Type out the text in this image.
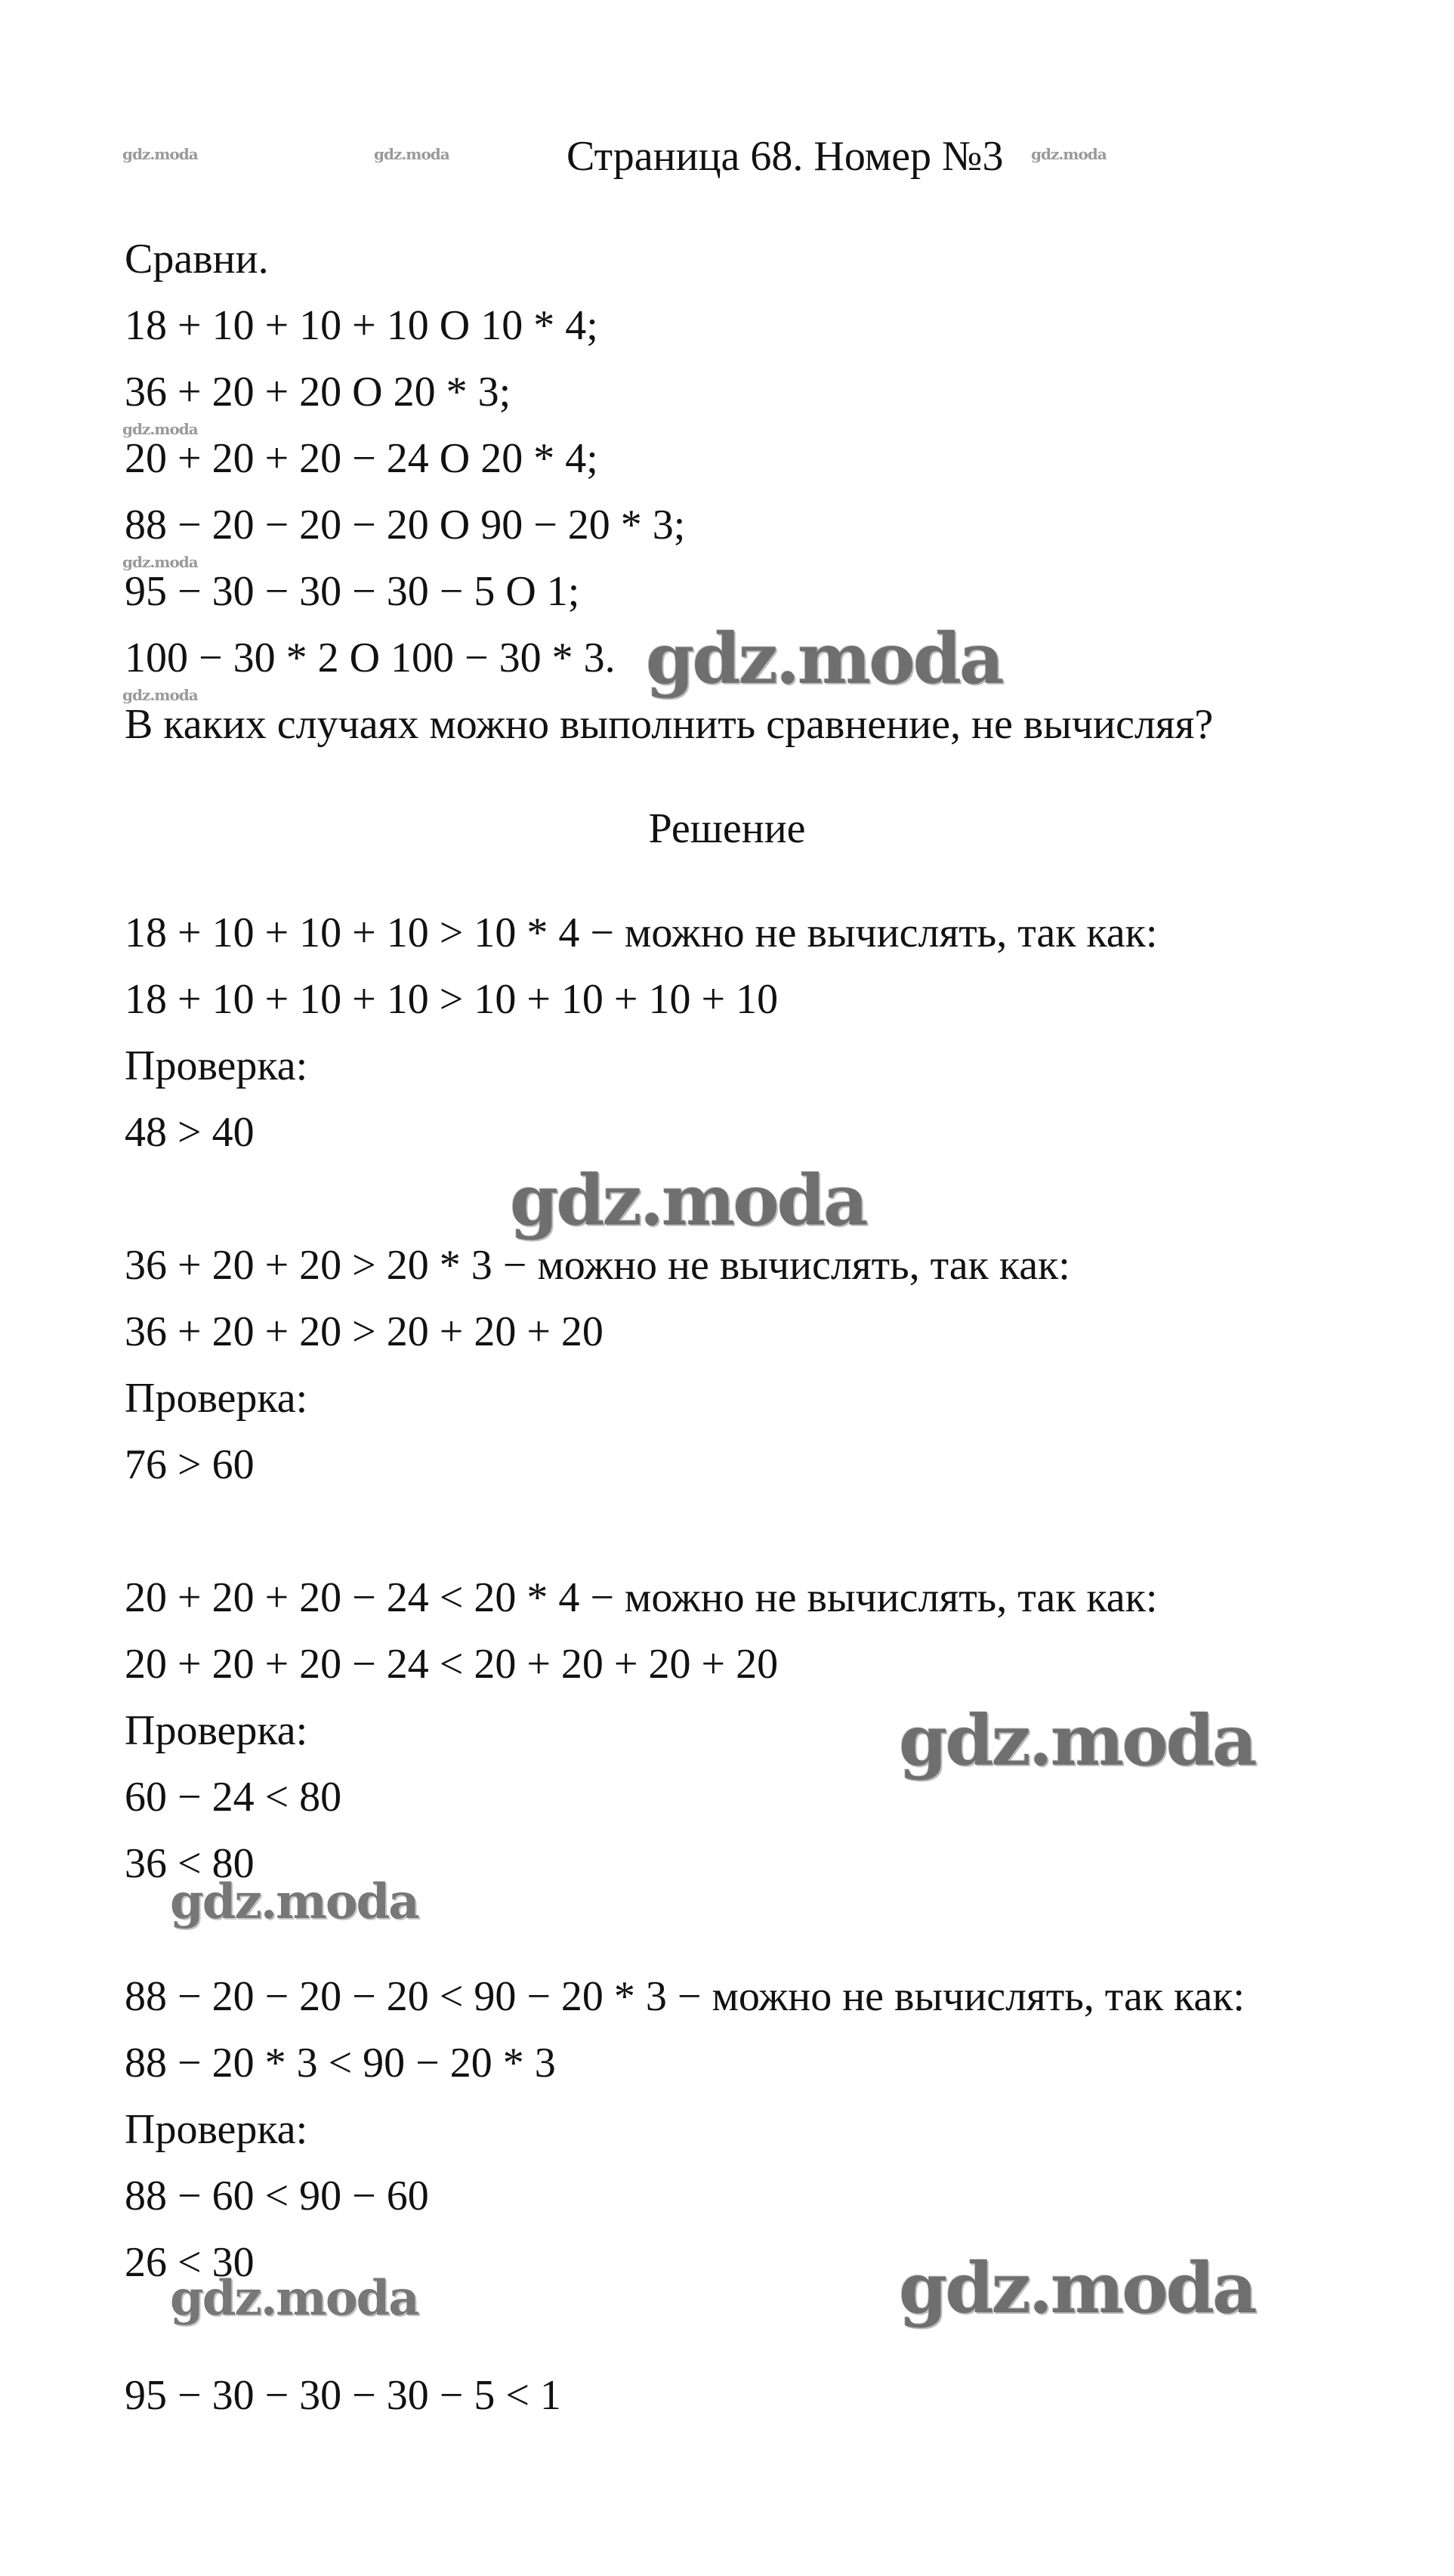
gdz.moda	gdz.moda	Страница 68. Номер №3 gdz.moda
Сравни.
18 + 10 + 10 + 10 О 10 * 4;
36 + 20 + 20 О 20 * 3;
gdz.moda
20 + 20 + 20 − 24 О 20 * 4;
88 − 20 − 20 − 20 О 90 − 20 * 3;
gdz.moda
95 − 30 − 30 − 30 − 5 О 1;
100 − 30 * 2 О 100 − 30 * 3. gdz.moda
gdz.moda
В каких случаях можно выполнить сравнение, не вычисляя?
Решение
18 + 10 + 10 + 10 > 10 * 4 − можно не вычислять, так как:
18 + 10 + 10 + 10 > 10 + 10 + 10 + 10
Проверка:
48 > 40
gdz.moda
36 + 20 + 20 > 20 * 3 − можно не вычислять, так как:
36 + 20 + 20 > 20 + 20 + 20
Проверка:
76 > 60
20 + 20 + 20 − 24 < 20 * 4 − можно не вычислять, так как:
20 + 20 + 20 − 24 < 20 + 20 + 20 + 20
Проверка:	gdz.moda
60 − 24 < 80
36 < 80
gdz.moda
88 − 20 − 20 − 20 < 90 − 20 * 3 − можно не вычислять, так как:
88 − 20 * 3 < 90 − 20 * 3
Проверка:
88 − 60 < 90 − 60
26 < 30	gdz.moda
gdz.moda
95 − 30 − 30 − 30 − 5 < 1
